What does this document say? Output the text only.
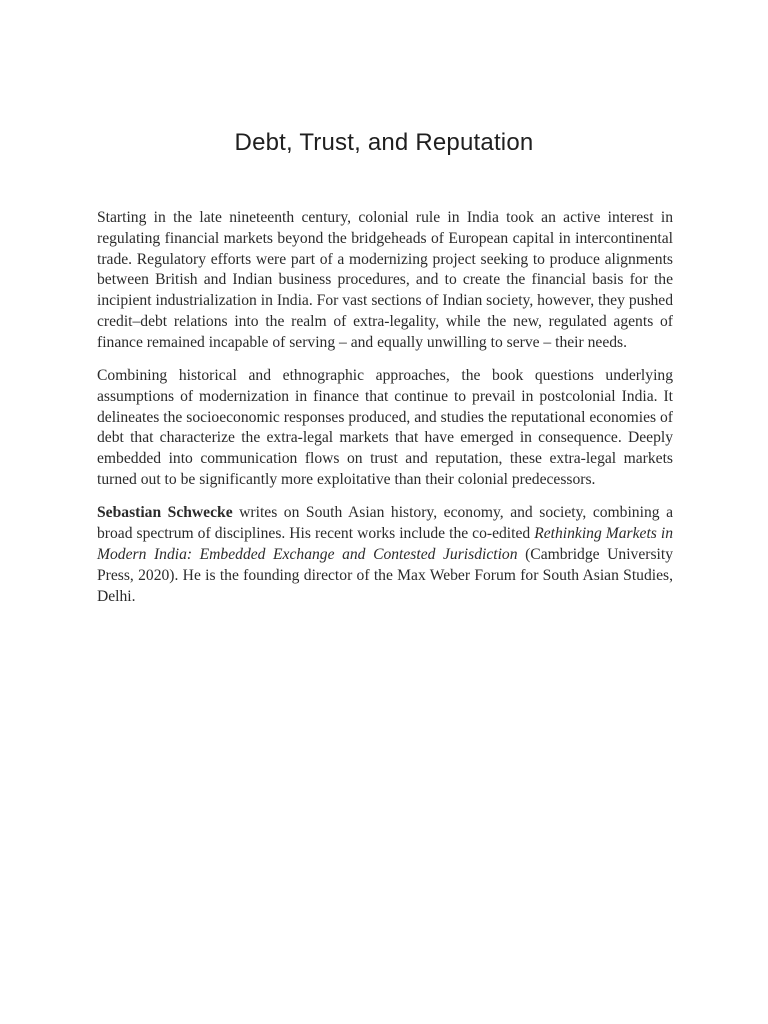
Debt, Trust, and Reputation

Starting in the late nineteenth century, colonial rule in India took an active interest in regulating financial markets beyond the bridgeheads of European capital in intercontinental trade. Regulatory efforts were part of a modernizing project seeking to produce alignments between British and Indian business procedures, and to create the financial basis for the incipient industrialization in India. For vast sections of Indian society, however, they pushed credit–debt relations into the realm of extra-legality, while the new, regulated agents of finance remained incapable of serving – and equally unwilling to serve – their needs.

Combining historical and ethnographic approaches, the book questions underlying assumptions of modernization in finance that continue to prevail in postcolonial India. It delineates the socioeconomic responses produced, and studies the reputational economies of debt that characterize the extra-legal markets that have emerged in consequence. Deeply embedded into communication flows on trust and reputation, these extra-legal markets turned out to be significantly more exploitative than their colonial predecessors.

Sebastian Schwecke writes on South Asian history, economy, and society, combining a broad spectrum of disciplines. His recent works include the co-edited Rethinking Markets in Modern India: Embedded Exchange and Contested Jurisdiction (Cambridge University Press, 2020). He is the founding director of the Max Weber Forum for South Asian Studies, Delhi.
